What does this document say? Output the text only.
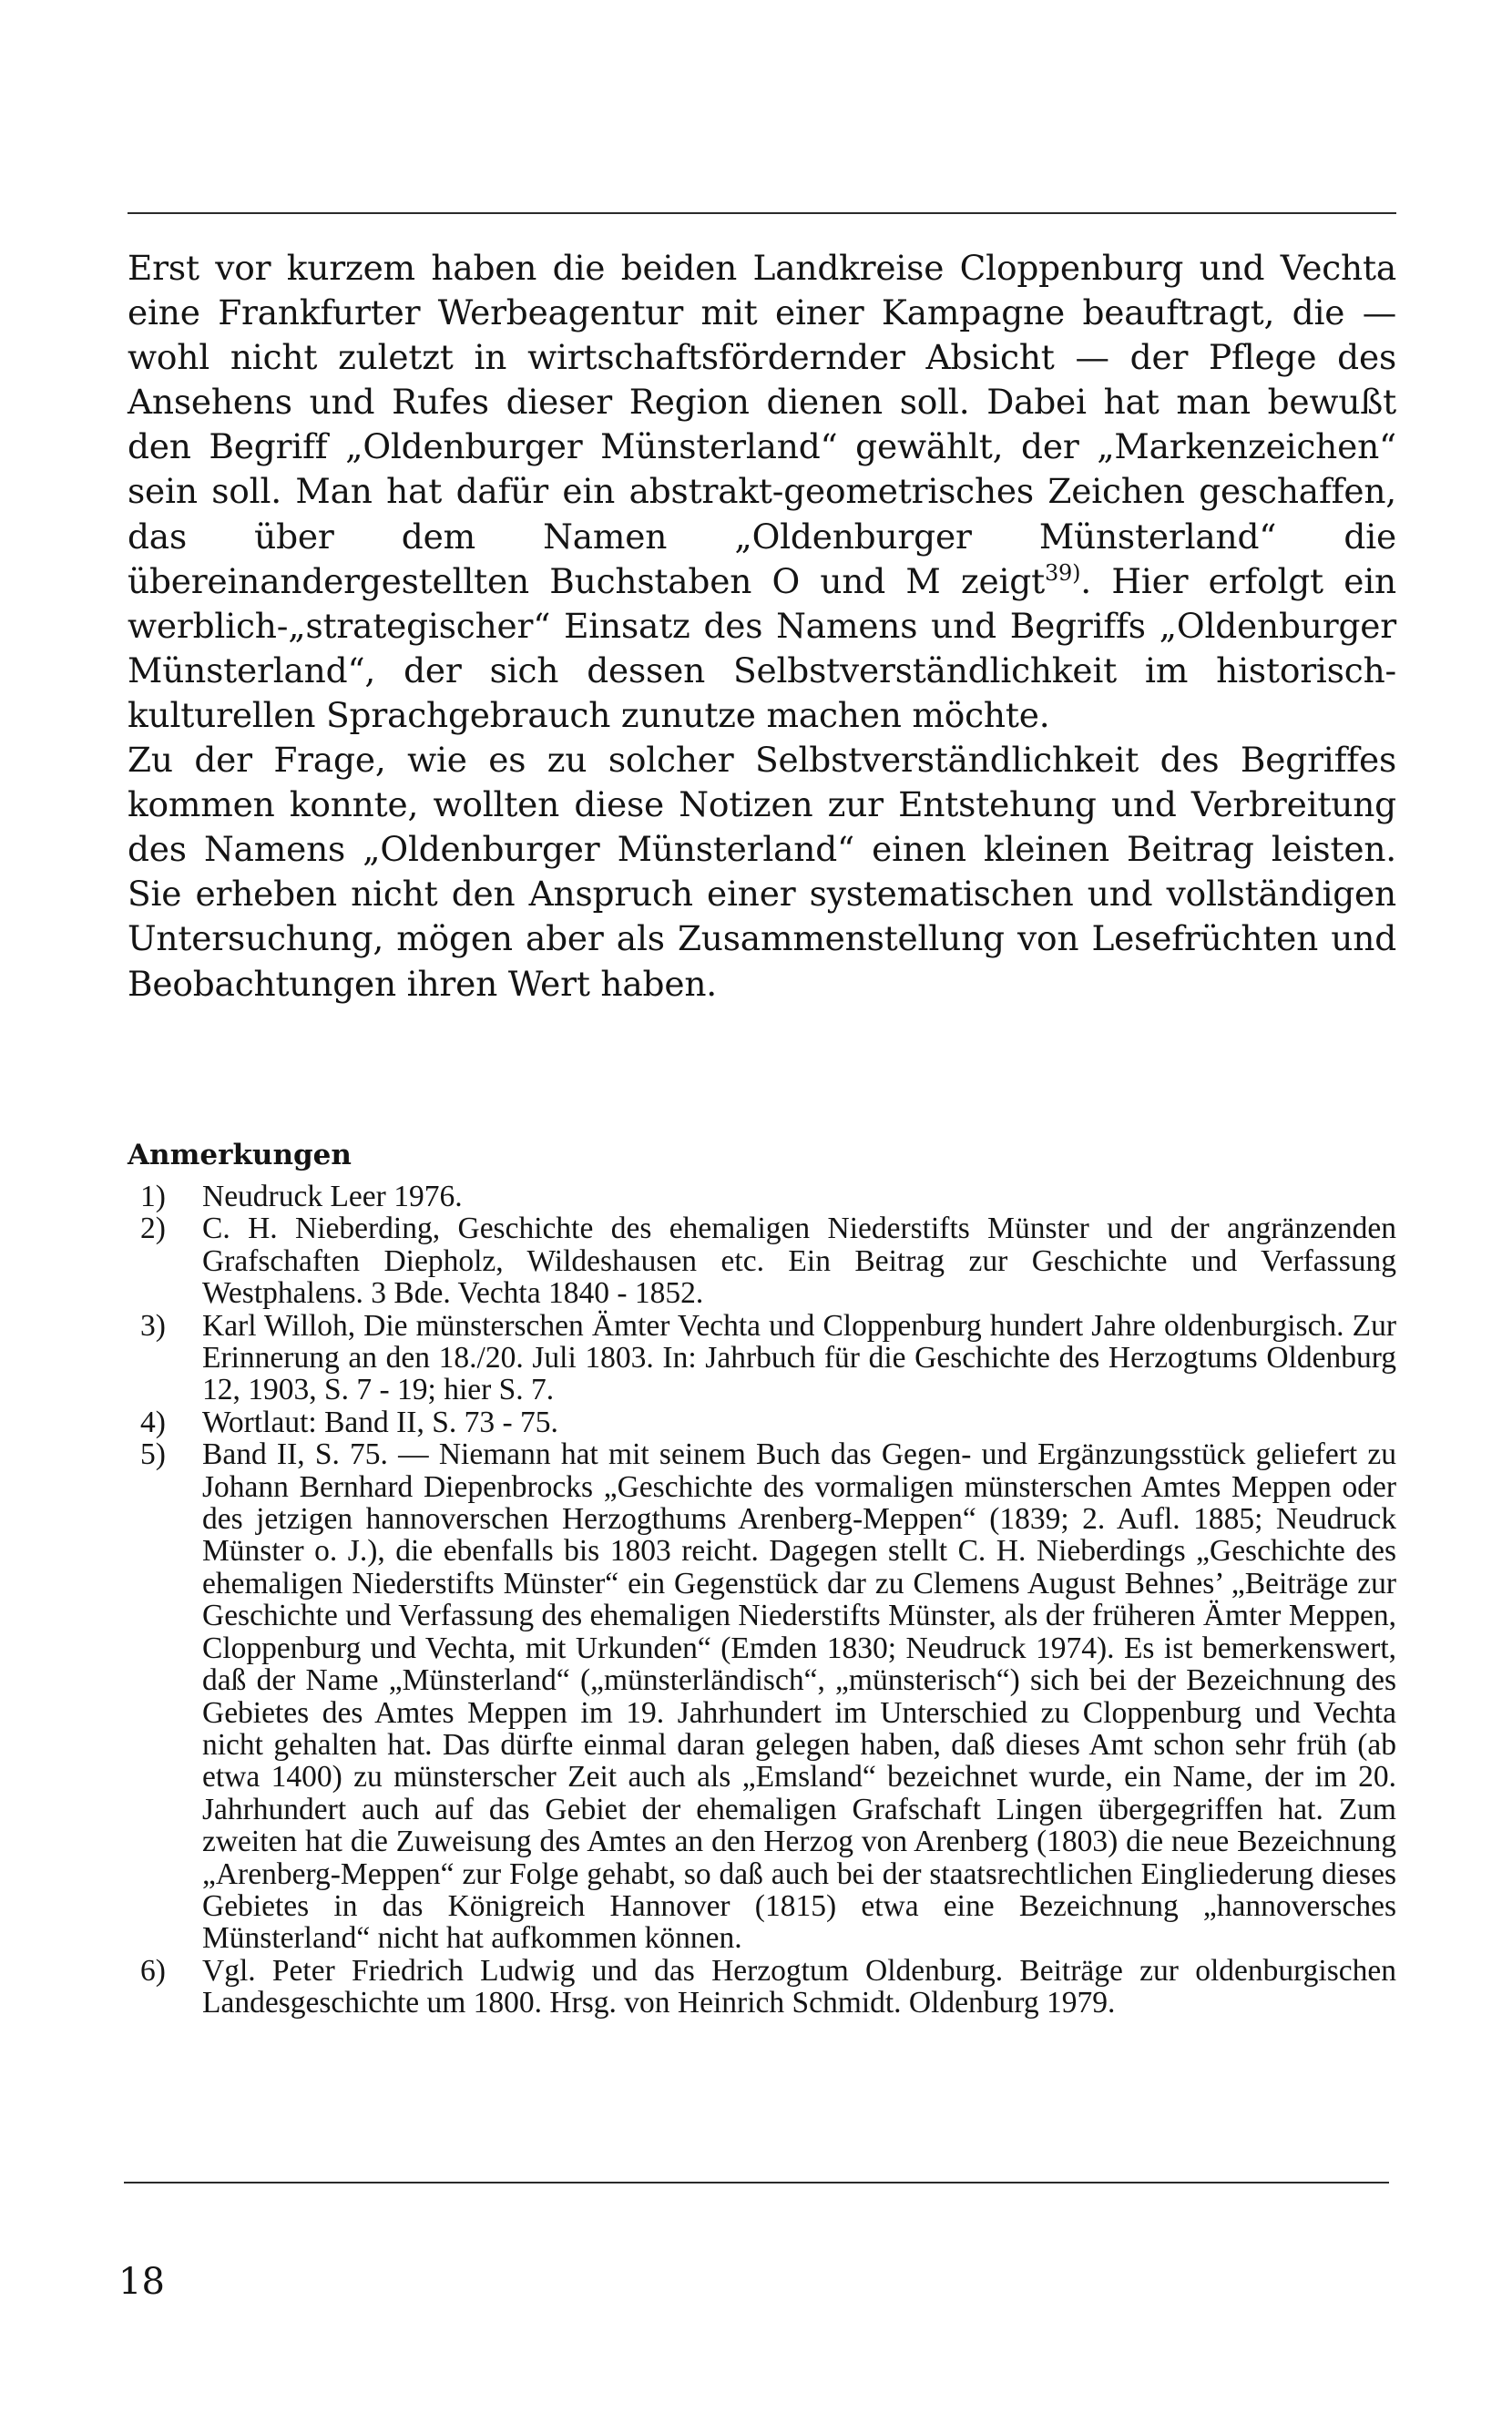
Erst vor kurzem haben die beiden Landkreise Cloppenburg und Vechta eine Frankfurter Werbeagentur mit einer Kampagne beauftragt, die — wohl nicht zuletzt in wirtschaftsfördernder Absicht — der Pflege des Ansehens und Rufes dieser Region dienen soll. Dabei hat man bewußt den Begriff „Oldenburger Münsterland“ gewählt, der „Markenzeichen“ sein soll. Man hat dafür ein abstrakt-geometrisches Zeichen geschaffen, das über dem Namen „Oldenburger Münsterland“ die übereinandergestellten Buchstaben O und M zeigt$^{39)}$. Hier erfolgt ein werblich-„strategischer“ Einsatz des Namens und Begriffs „Oldenburger Münsterland“, der sich dessen Selbstverständlichkeit im historisch-kulturellen Sprachgebrauch zunutze machen möchte.

Zu der Frage, wie es zu solcher Selbstverständlichkeit des Begriffes kommen konnte, wollten diese Notizen zur Entstehung und Verbreitung des Namens „Oldenburger Münsterland“ einen kleinen Beitrag leisten. Sie erheben nicht den Anspruch einer systematischen und vollständigen Untersuchung, mögen aber als Zusammenstellung von Lesefrüchten und Beobachtungen ihren Wert haben.

Anmerkungen
1)	Neudruck Leer 1976.
2)	C. H. Nieberding, Geschichte des ehemaligen Niederstifts Münster und der angränzenden Grafschaften Diepholz, Wildeshausen etc. Ein Beitrag zur Geschichte und Verfassung Westphalens. 3 Bde. Vechta 1840 - 1852.
3)	Karl Willoh, Die münsterschen Ämter Vechta und Cloppenburg hundert Jahre oldenburgisch. Zur Erinnerung an den 18./20. Juli 1803. In: Jahrbuch für die Geschichte des Herzogtums Oldenburg 12, 1903, S. 7 - 19; hier S. 7.
4)	Wortlaut: Band II, S. 73 - 75.
5)	Band II, S. 75. — Niemann hat mit seinem Buch das Gegen- und Ergänzungsstück geliefert zu Johann Bernhard Diepenbrocks „Geschichte des vormaligen münsterschen Amtes Meppen oder des jetzigen hannoverschen Herzogthums Arenberg-Meppen“ (1839; 2. Aufl. 1885; Neudruck Münster o. J.), die ebenfalls bis 1803 reicht. Dagegen stellt C. H. Nieberdings „Geschichte des ehemaligen Niederstifts Münster“ ein Gegenstück dar zu Clemens August Behnes’ „Beiträge zur Geschichte und Verfassung des ehemaligen Niederstifts Münster, als der früheren Ämter Meppen, Cloppenburg und Vechta, mit Urkunden“ (Emden 1830; Neudruck 1974). Es ist bemerkenswert, daß der Name „Münsterland“ („münsterländisch“, „münsterisch“) sich bei der Bezeichnung des Gebietes des Amtes Meppen im 19. Jahrhundert im Unterschied zu Cloppenburg und Vechta nicht gehalten hat. Das dürfte einmal daran gelegen haben, daß dieses Amt schon sehr früh (ab etwa 1400) zu münsterscher Zeit auch als „Emsland“ bezeichnet wurde, ein Name, der im 20. Jahrhundert auch auf das Gebiet der ehemaligen Grafschaft Lingen übergegriffen hat. Zum zweiten hat die Zuweisung des Amtes an den Herzog von Arenberg (1803) die neue Bezeichnung „Arenberg-Meppen“ zur Folge gehabt, so daß auch bei der staatsrechtlichen Eingliederung dieses Gebietes in das Königreich Hannover (1815) etwa eine Bezeichnung „hannoversches Münsterland“ nicht hat aufkommen können.
6)	Vgl. Peter Friedrich Ludwig und das Herzogtum Oldenburg. Beiträge zur oldenburgischen Landesgeschichte um 1800. Hrsg. von Heinrich Schmidt. Oldenburg 1979.
18
